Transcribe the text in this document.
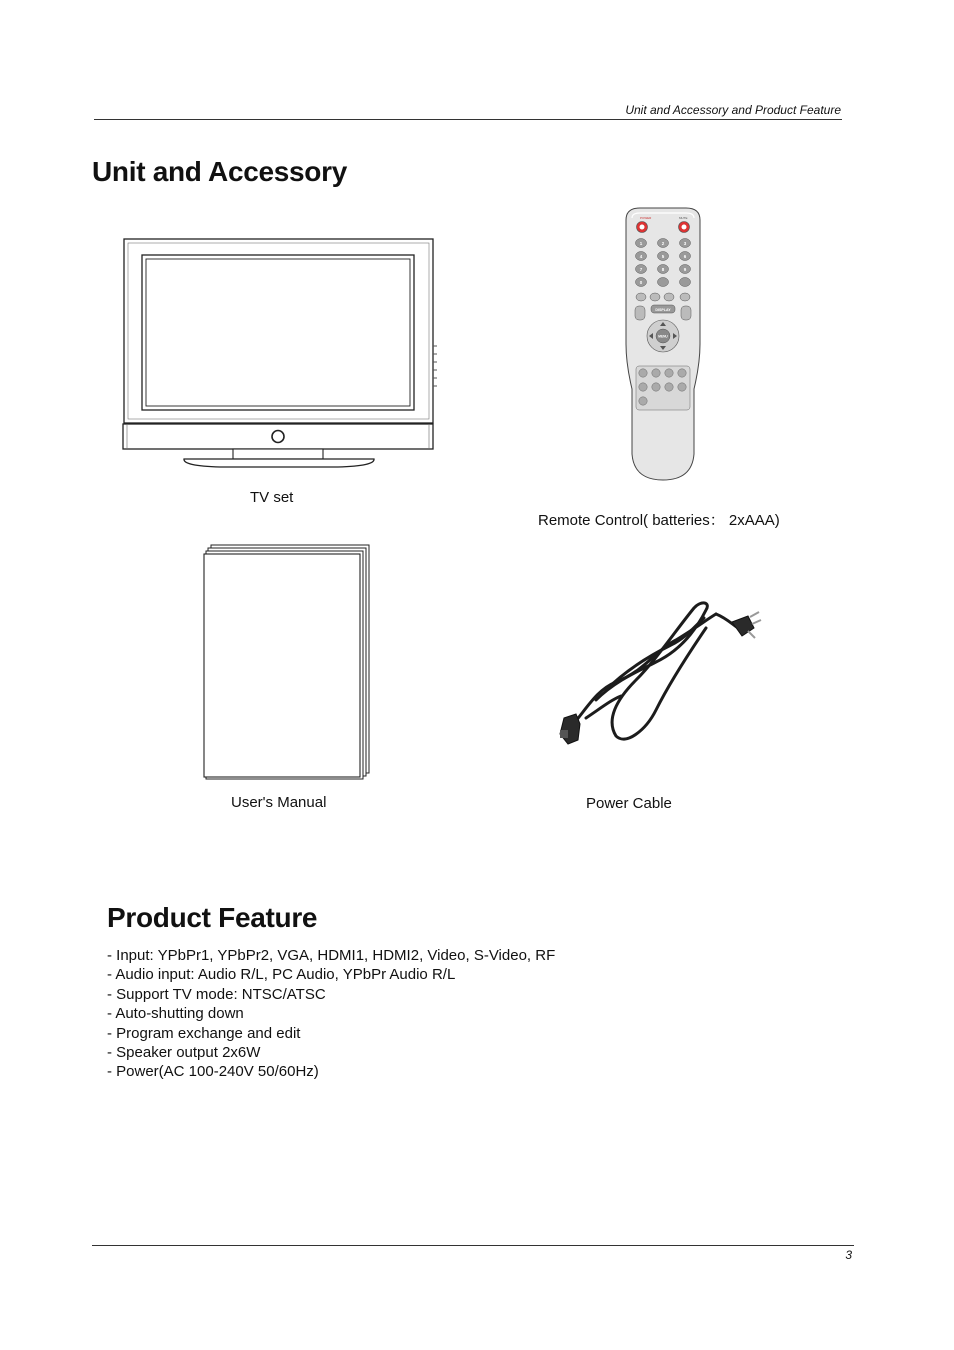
Unit and Accessory and Product Feature
Unit and Accessory
POWER	MUTE
1	2	3
4	5	6
7	8	9
0
DISPLAY
MENU
TV set
Remote Control( batteries： 2xAAA)
User's Manual	Power Cable
Product Feature
- Input: YPbPr1, YPbPr2, VGA, HDMI1, HDMI2, Video, S-Video, RF
- Audio input: Audio R/L, PC Audio, YPbPr Audio R/L
- Support TV mode: NTSC/ATSC
- Auto-shutting down
- Program exchange and edit
- Speaker output 2x6W
- Power(AC 100-240V 50/60Hz)
3
